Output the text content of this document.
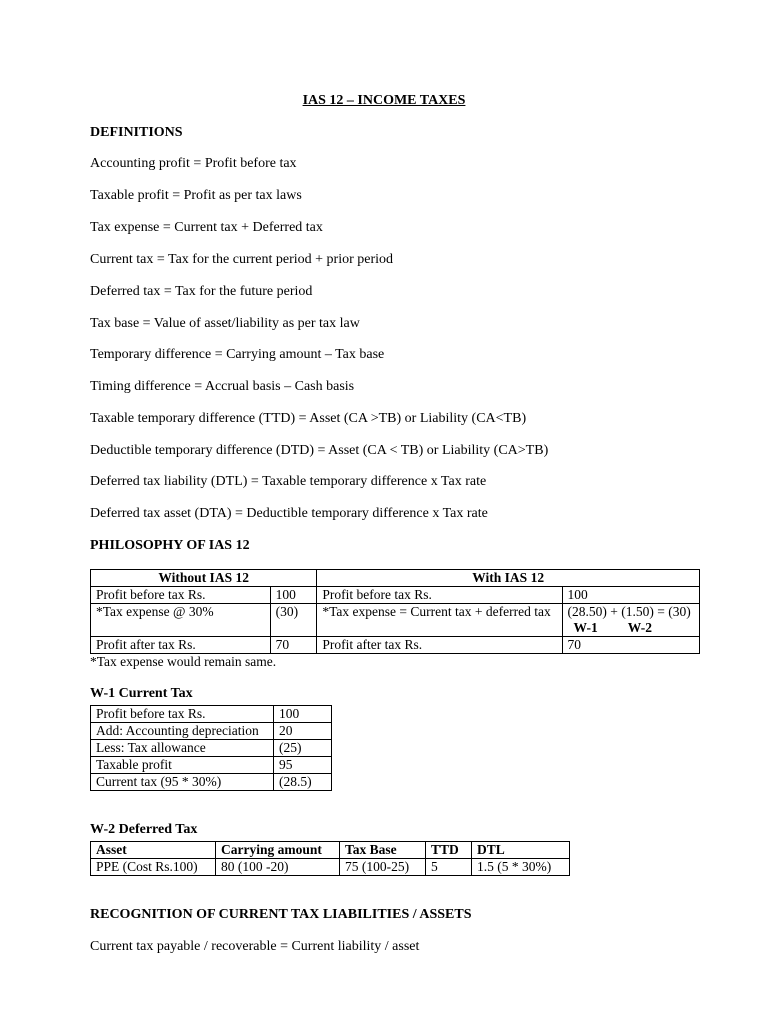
IAS 12 – INCOME TAXES
DEFINITIONS
Accounting profit = Profit before tax
Taxable profit = Profit as per tax laws
Tax expense = Current tax + Deferred tax
Current tax = Tax for the current period + prior period
Deferred tax = Tax for the future period
Tax base = Value of asset/liability as per tax law
Temporary difference = Carrying amount – Tax base
Timing difference = Accrual basis – Cash basis
Taxable temporary difference (TTD) = Asset (CA >TB) or Liability (CA<TB)
Deductible temporary difference (DTD) = Asset (CA < TB) or Liability (CA>TB)
Deferred tax liability (DTL) = Taxable temporary difference x Tax rate
Deferred tax asset (DTA) = Deductible temporary difference x Tax rate
PHILOSOPHY OF IAS 12
Without IAS 12		With IAS 12	
Profit before tax Rs.	100	Profit before tax Rs.	100
*Tax expense @ 30%	(30)	*Tax expense = Current tax + deferred tax	(28.50) + (1.50) = (30)
W-1 W-2

Profit after tax Rs.	70	Profit after tax Rs.	70
*Tax expense would remain same.
W-1 Current Tax
Profit before tax Rs.	100
Add: Accounting depreciation	20
Less: Tax allowance	(25)
Taxable profit	95
Current tax (95 * 30%)	(28.5)
W-2 Deferred Tax
Asset	Carrying amount	Tax Base	TTD	DTL
PPE (Cost Rs.100)	80 (100 -20)	75 (100-25)	5	1.5 (5 * 30%)
RECOGNITION OF CURRENT TAX LIABILITIES / ASSETS
Current tax payable / recoverable = Current liability / asset
